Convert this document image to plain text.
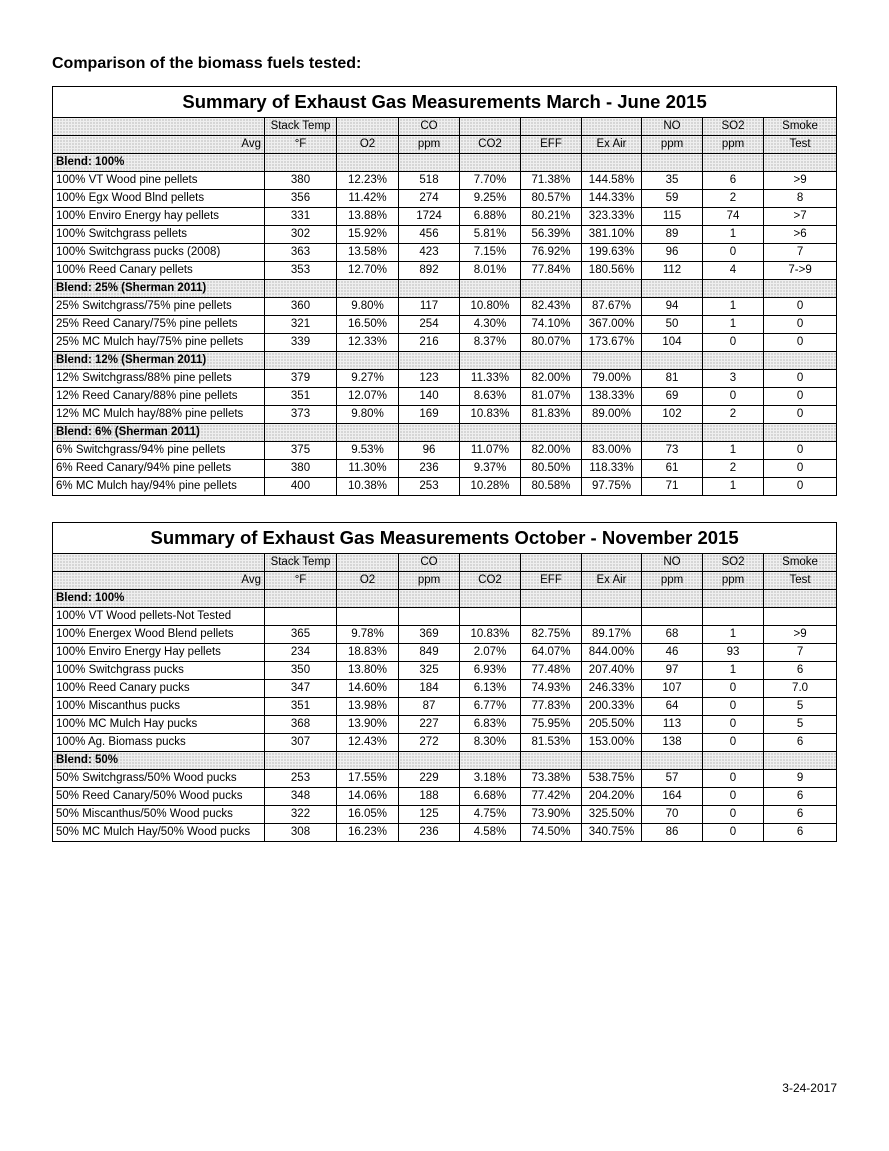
Comparison of the biomass fuels tested:
Summary of Exhaust Gas Measurements March - June 2015									
	Stack Temp		CO				NO	SO2	Smoke
Avg	°F	O2	ppm	CO2	EFF	Ex Air	ppm	ppm	Test
Blend: 100%									
100% VT Wood pine pellets	380	12.23%	518	7.70%	71.38%	144.58%	35	6	>9
100% Egx Wood Blnd pellets	356	11.42%	274	9.25%	80.57%	144.33%	59	2	8
100% Enviro Energy hay pellets	331	13.88%	1724	6.88%	80.21%	323.33%	115	74	>7
100% Switchgrass pellets	302	15.92%	456	5.81%	56.39%	381.10%	89	1	>6
100% Switchgrass pucks (2008)	363	13.58%	423	7.15%	76.92%	199.63%	96	0	7
100% Reed Canary pellets	353	12.70%	892	8.01%	77.84%	180.56%	112	4	7->9
Blend: 25% (Sherman 2011)									
25% Switchgrass/75% pine pellets	360	9.80%	117	10.80%	82.43%	87.67%	94	1	0
25% Reed Canary/75% pine pellets	321	16.50%	254	4.30%	74.10%	367.00%	50	1	0
25% MC Mulch hay/75% pine pellets	339	12.33%	216	8.37%	80.07%	173.67%	104	0	0
Blend: 12% (Sherman 2011)									
12% Switchgrass/88% pine pellets	379	9.27%	123	11.33%	82.00%	79.00%	81	3	0
12% Reed Canary/88% pine pellets	351	12.07%	140	8.63%	81.07%	138.33%	69	0	0
12% MC Mulch hay/88% pine pellets	373	9.80%	169	10.83%	81.83%	89.00%	102	2	0
Blend: 6% (Sherman 2011)									
6% Switchgrass/94% pine pellets	375	9.53%	96	11.07%	82.00%	83.00%	73	1	0
6% Reed Canary/94% pine pellets	380	11.30%	236	9.37%	80.50%	118.33%	61	2	0
6% MC Mulch hay/94% pine pellets	400	10.38%	253	10.28%	80.58%	97.75%	71	1	0
Summary of Exhaust Gas Measurements October - November 2015									
	Stack Temp		CO				NO	SO2	Smoke
Avg	°F	O2	ppm	CO2	EFF	Ex Air	ppm	ppm	Test
Blend: 100%									
100% VT Wood pellets-Not Tested									
100% Energex Wood Blend pellets	365	9.78%	369	10.83%	82.75%	89.17%	68	1	>9
100% Enviro Energy Hay pellets	234	18.83%	849	2.07%	64.07%	844.00%	46	93	7
100% Switchgrass pucks	350	13.80%	325	6.93%	77.48%	207.40%	97	1	6
100% Reed Canary pucks	347	14.60%	184	6.13%	74.93%	246.33%	107	0	7.0
100% Miscanthus pucks	351	13.98%	87	6.77%	77.83%	200.33%	64	0	5
100% MC Mulch Hay pucks	368	13.90%	227	6.83%	75.95%	205.50%	113	0	5
100% Ag. Biomass pucks	307	12.43%	272	8.30%	81.53%	153.00%	138	0	6
Blend: 50%									
50% Switchgrass/50% Wood pucks	253	17.55%	229	3.18%	73.38%	538.75%	57	0	9
50% Reed Canary/50% Wood pucks	348	14.06%	188	6.68%	77.42%	204.20%	164	0	6
50% Miscanthus/50% Wood pucks	322	16.05%	125	4.75%	73.90%	325.50%	70	0	6
50% MC Mulch Hay/50% Wood pucks	308	16.23%	236	4.58%	74.50%	340.75%	86	0	6
3-24-2017
